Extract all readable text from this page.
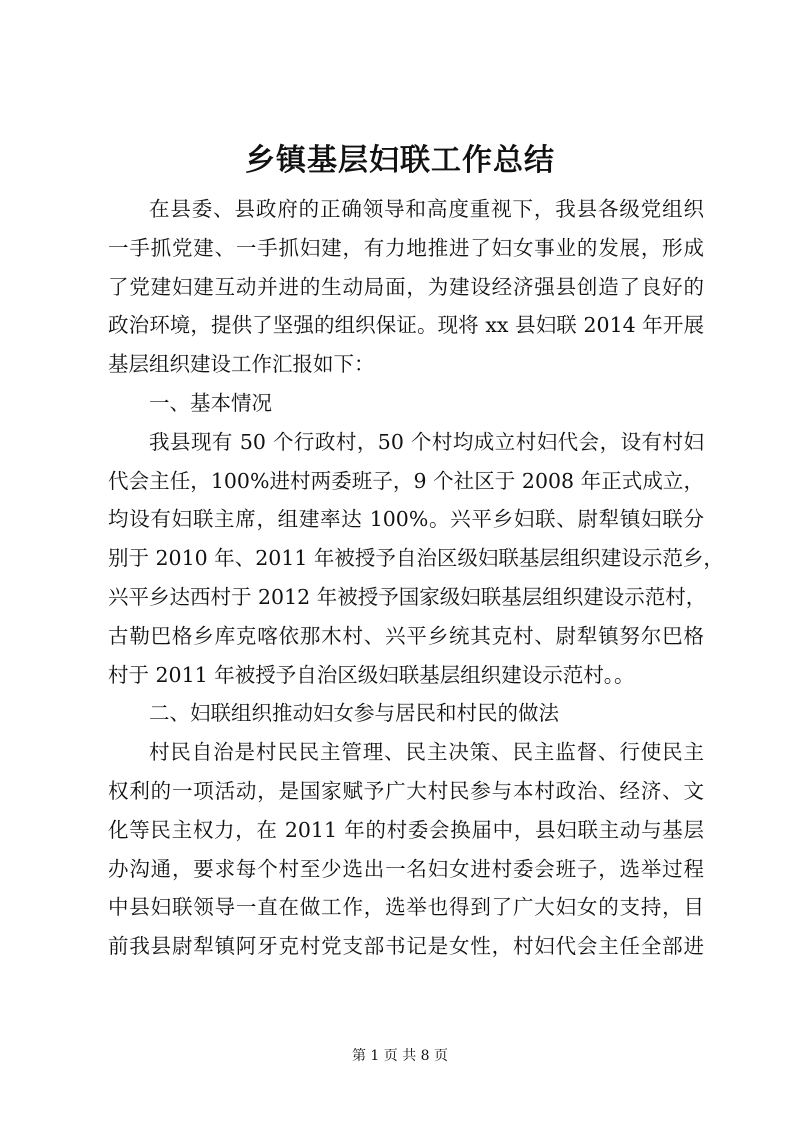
乡镇基层妇联工作总结
在县委、县政府的正确领导和高度重视下，我县各级党组织
一手抓党建、一手抓妇建，有力地推进了妇女事业的发展，形成
了党建妇建互动并进的生动局面，为建设经济强县创造了良好的
政治环境，提供了坚强的组织保证。现将 xx 县妇联 2014 年开展
基层组织建设工作汇报如下：
一、基本情况
我县现有 50 个行政村，50 个村均成立村妇代会，设有村妇
代会主任，100%进村两委班子，9 个社区于 2008 年正式成立，
均设有妇联主席，组建率达 100%。兴平乡妇联、尉犁镇妇联分
别于 2010 年、2011 年被授予自治区级妇联基层组织建设示范乡，
兴平乡达西村于 2012 年被授予国家级妇联基层组织建设示范村，
古勒巴格乡库克喀依那木村、兴平乡统其克村、尉犁镇努尔巴格
村于 2011 年被授予自治区级妇联基层组织建设示范村。。
二、妇联组织推动妇女参与居民和村民的做法
村民自治是村民民主管理、民主决策、民主监督、行使民主
权利的一项活动，是国家赋予广大村民参与本村政治、经济、文
化等民主权力，在 2011 年的村委会换届中，县妇联主动与基层
办沟通，要求每个村至少选出一名妇女进村委会班子，选举过程
中县妇联领导一直在做工作，选举也得到了广大妇女的支持，目
前我县尉犁镇阿牙克村党支部书记是女性，村妇代会主任全部进
第 1 页 共 8 页
